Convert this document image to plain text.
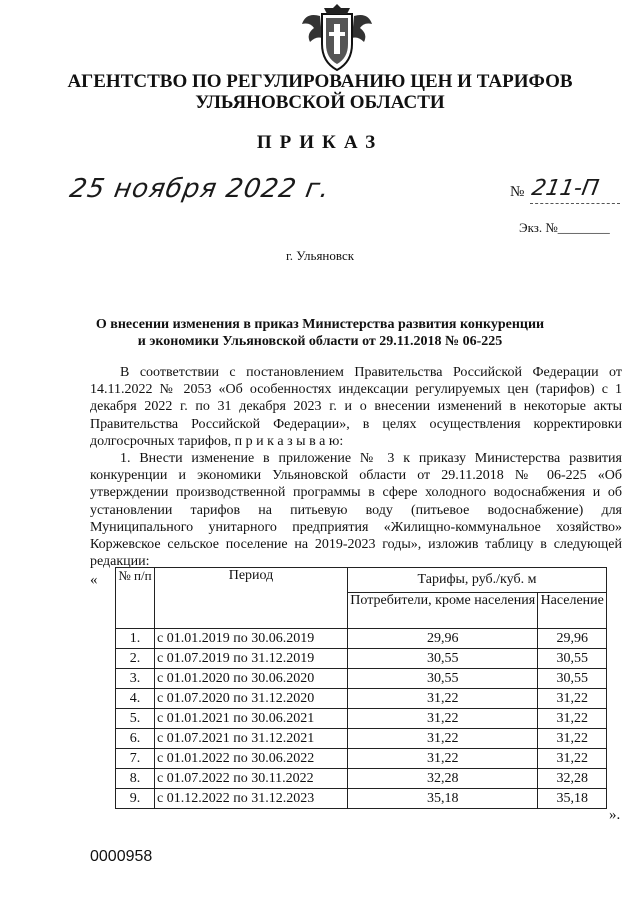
АГЕНТСТВО ПО РЕГУЛИРОВАНИЮ ЦЕН И ТАРИФОВ
УЛЬЯНОВСКОЙ ОБЛАСТИ
ПРИКАЗ
25 ноября 2022 г.	№ 211-П
Экз. №________
г. Ульяновск
О внесении изменения в приказ Министерства развития конкуренции
и экономики Ульяновской области от 29.11.2018 № 06-225
В соответствии с постановлением Правительства Российской Федерации от 14.11.2022 № 2053 «Об особенностях индексации регулируемых цен (тарифов) с 1 декабря 2022 г. по 31 декабря 2023 г. и о внесении изменений в некоторые акты Правительства Российской Федерации», в целях осуществления корректировки долгосрочных тарифов, п р и к а з ы в а ю:
1. Внести изменение в приложение № 3 к приказу Министерства развития конкуренции и экономики Ульяновской области от 29.11.2018 № 06-225 «Об утверждении производственной программы в сфере холодного водоснабжения и об установлении тарифов на питьевую воду (питьевое водоснабжение) для Муниципального унитарного предприятия «Жилищно-коммунальное хозяйство» Коржевское сельское поселение на 2019-2023 годы», изложив таблицу в следующей редакции:
« № п/п	Период	Тарифы, руб./куб. м	
		Потребители, кроме населения	Население
1.	с 01.01.2019 по 30.06.2019	29,96	29,96
2.	с 01.07.2019 по 31.12.2019	30,55	30,55
3.	с 01.01.2020 по 30.06.2020	30,55	30,55
4.	с 01.07.2020 по 31.12.2020	31,22	31,22
5.	с 01.01.2021 по 30.06.2021	31,22	31,22
6.	с 01.07.2021 по 31.12.2021	31,22	31,22
7.	с 01.01.2022 по 30.06.2022	31,22	31,22
8.	с 01.07.2022 по 30.11.2022	32,28	32,28
9.	с 01.12.2022 по 31.12.2023	35,18	35,18
».
0000958
